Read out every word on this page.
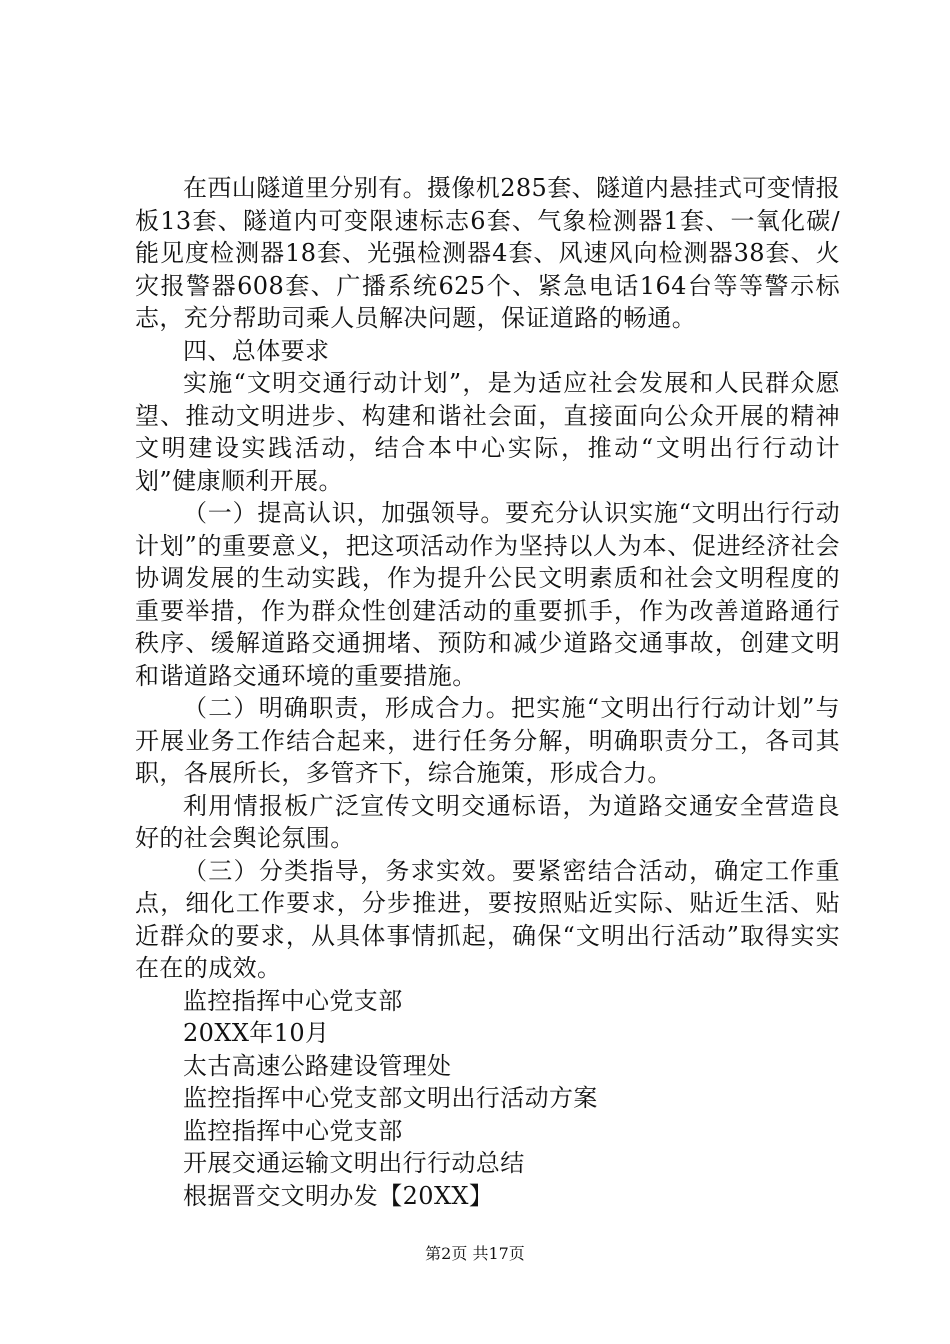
在西山隧道里分别有。摄像机285套、隧道内悬挂式可变情报板13套、隧道内可变限速标志6套、气象检测器1套、一氧化碳/能见度检测器18套、光强检测器4套、风速风向检测器38套、火灾报警器608套、广播系统625个、紧急电话164台等等警示标志，充分帮助司乘人员解决问题，保证道路的畅通。

四、总体要求

实施“文明交通行动计划”，是为适应社会发展和人民群众愿望、推动文明进步、构建和谐社会面，直接面向公众开展的精神文明建设实践活动，结合本中心实际，推动“文明出行行动计划”健康顺利开展。

（一）提高认识，加强领导。要充分认识实施“文明出行行动计划”的重要意义，把这项活动作为坚持以人为本、促进经济社会协调发展的生动实践，作为提升公民文明素质和社会文明程度的重要举措，作为群众性创建活动的重要抓手，作为改善道路通行秩序、缓解道路交通拥堵、预防和减少道路交通事故，创建文明和谐道路交通环境的重要措施。

（二）明确职责，形成合力。把实施“文明出行行动计划”与开展业务工作结合起来，进行任务分解，明确职责分工，各司其职，各展所长，多管齐下，综合施策，形成合力。

利用情报板广泛宣传文明交通标语，为道路交通安全营造良好的社会舆论氛围。

（三）分类指导，务求实效。要紧密结合活动，确定工作重点，细化工作要求，分步推进，要按照贴近实际、贴近生活、贴近群众的要求，从具体事情抓起，确保“文明出行活动”取得实实在在的成效。

监控指挥中心党支部

20XX年10月

太古高速公路建设管理处

监控指挥中心党支部文明出行活动方案

监控指挥中心党支部

开展交通运输文明出行行动总结

根据晋交文明办发【20XX】

第2页 共17页
